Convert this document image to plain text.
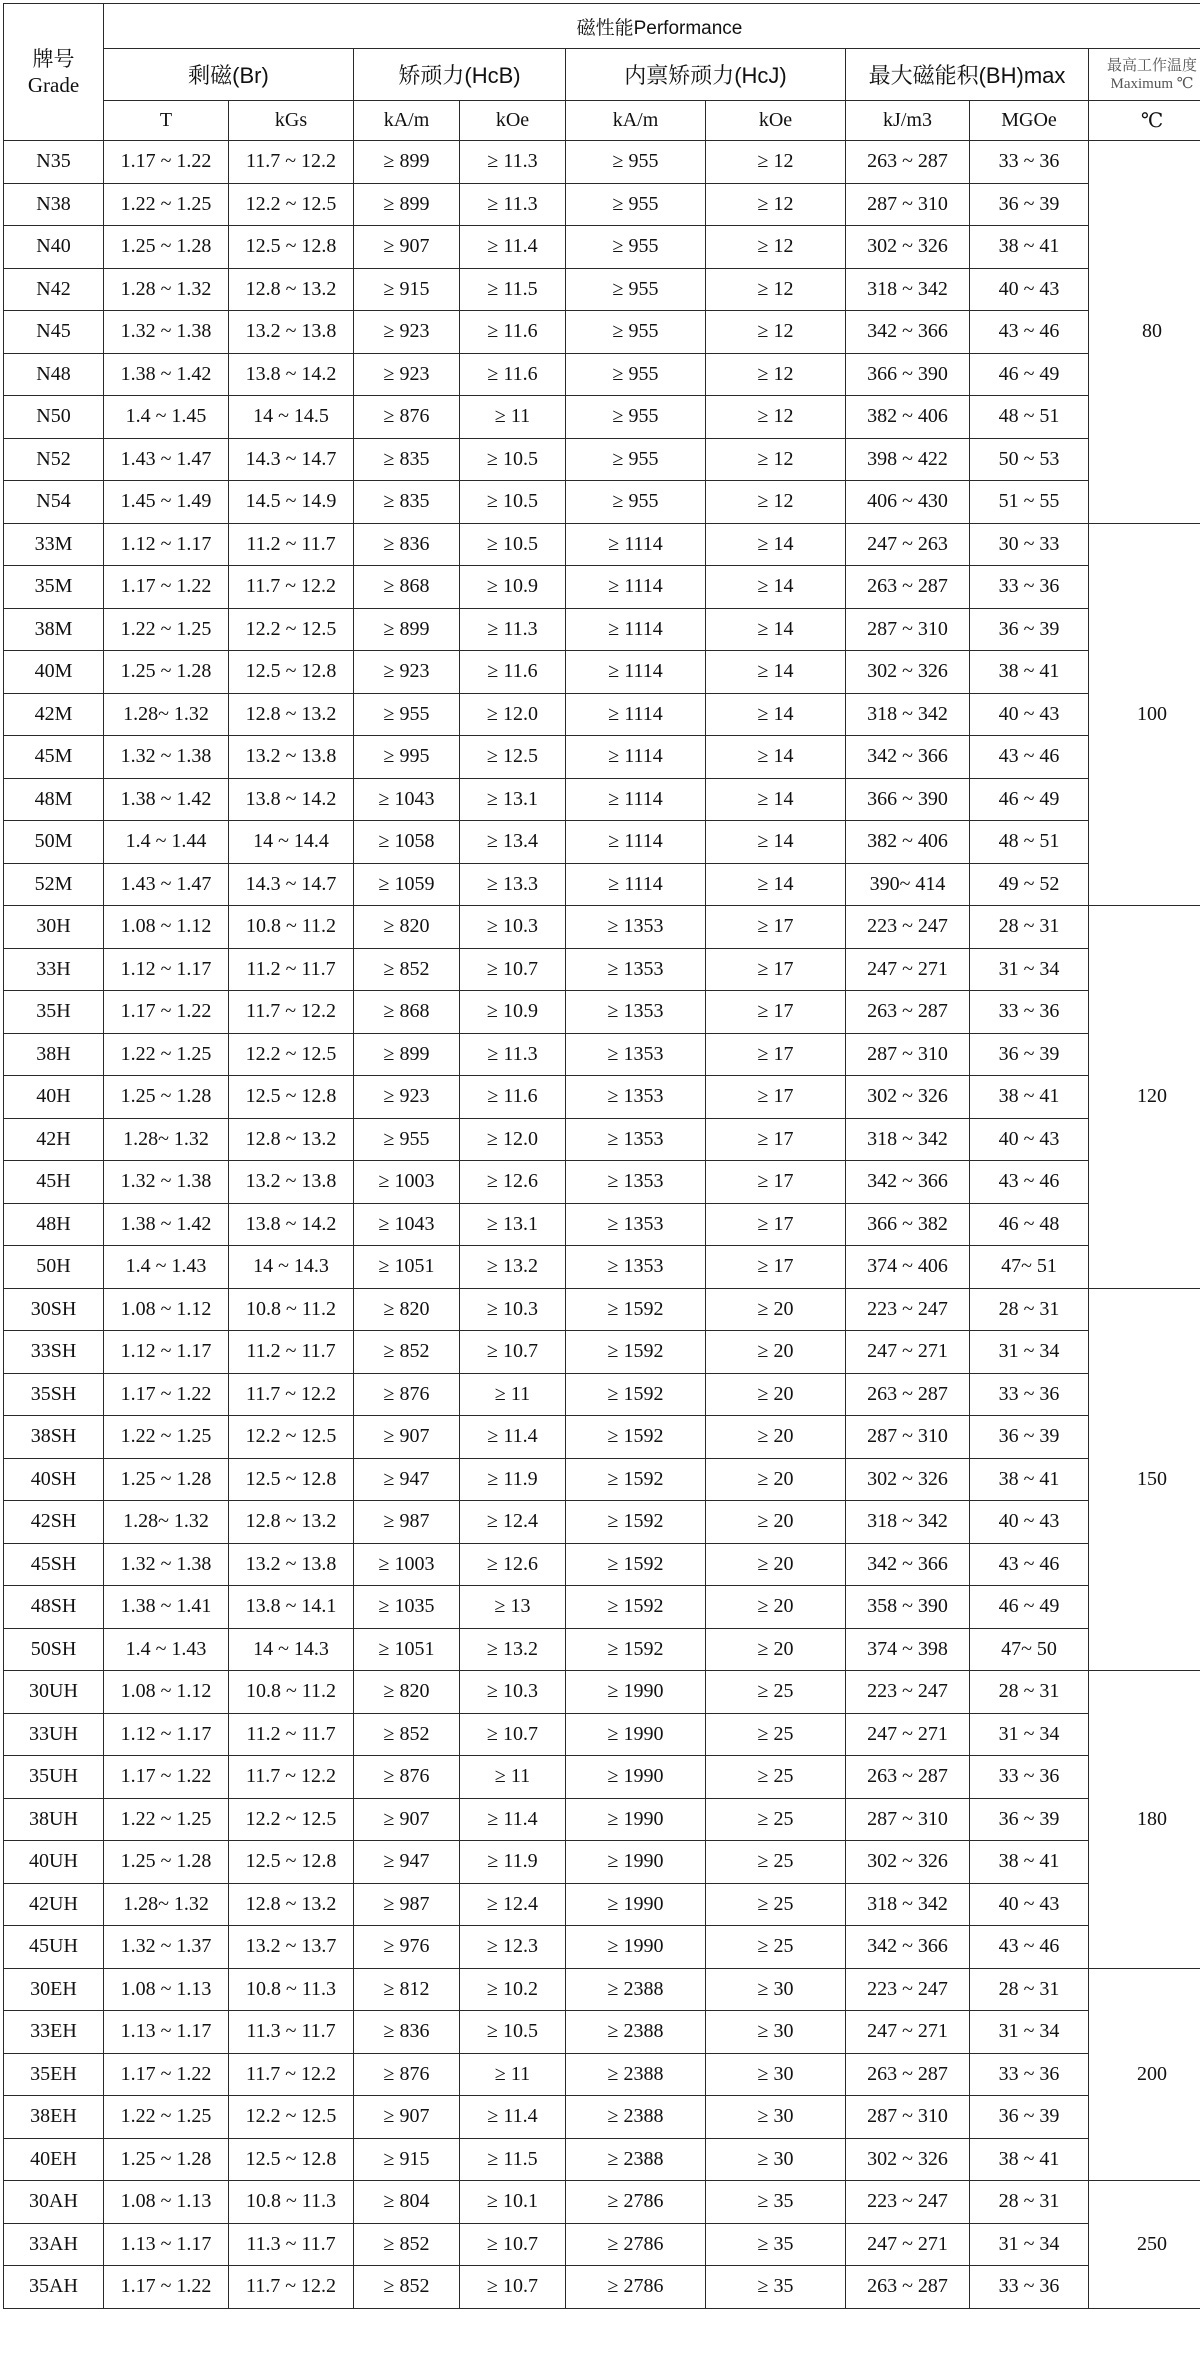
牌号
Grade	磁性能Performance								
	剩磁(Br)		矫顽力(HcB)		内禀矫顽力(HcJ)		最大磁能积(BH)max		最高工作温度
Maximum ℃

	T	kGs	kA/m	kOe	kA/m	kOe	kJ/m3	MGOe	℃
N35	1.17 ~ 1.22	11.7 ~ 12.2	≥ 899	≥ 11.3	≥ 955	≥ 12	263 ~ 287	33 ~ 36	80
N38	1.22 ~ 1.25	12.2 ~ 12.5	≥ 899	≥ 11.3	≥ 955	≥ 12	287 ~ 310	36 ~ 39	
N40	1.25 ~ 1.28	12.5 ~ 12.8	≥ 907	≥ 11.4	≥ 955	≥ 12	302 ~ 326	38 ~ 41	
N42	1.28 ~ 1.32	12.8 ~ 13.2	≥ 915	≥ 11.5	≥ 955	≥ 12	318 ~ 342	40 ~ 43	
N45	1.32 ~ 1.38	13.2 ~ 13.8	≥ 923	≥ 11.6	≥ 955	≥ 12	342 ~ 366	43 ~ 46	
N48	1.38 ~ 1.42	13.8 ~ 14.2	≥ 923	≥ 11.6	≥ 955	≥ 12	366 ~ 390	46 ~ 49	
N50	1.4 ~ 1.45	14 ~ 14.5	≥ 876	≥ 11	≥ 955	≥ 12	382 ~ 406	48 ~ 51	
N52	1.43 ~ 1.47	14.3 ~ 14.7	≥ 835	≥ 10.5	≥ 955	≥ 12	398 ~ 422	50 ~ 53	
N54	1.45 ~ 1.49	14.5 ~ 14.9	≥ 835	≥ 10.5	≥ 955	≥ 12	406 ~ 430	51 ~ 55	
33M	1.12 ~ 1.17	11.2 ~ 11.7	≥ 836	≥ 10.5	≥ 1114	≥ 14	247 ~ 263	30 ~ 33	100
35M	1.17 ~ 1.22	11.7 ~ 12.2	≥ 868	≥ 10.9	≥ 1114	≥ 14	263 ~ 287	33 ~ 36	
38M	1.22 ~ 1.25	12.2 ~ 12.5	≥ 899	≥ 11.3	≥ 1114	≥ 14	287 ~ 310	36 ~ 39	
40M	1.25 ~ 1.28	12.5 ~ 12.8	≥ 923	≥ 11.6	≥ 1114	≥ 14	302 ~ 326	38 ~ 41	
42M	1.28~ 1.32	12.8 ~ 13.2	≥ 955	≥ 12.0	≥ 1114	≥ 14	318 ~ 342	40 ~ 43	
45M	1.32 ~ 1.38	13.2 ~ 13.8	≥ 995	≥ 12.5	≥ 1114	≥ 14	342 ~ 366	43 ~ 46	
48M	1.38 ~ 1.42	13.8 ~ 14.2	≥ 1043	≥ 13.1	≥ 1114	≥ 14	366 ~ 390	46 ~ 49	
50M	1.4 ~ 1.44	14 ~ 14.4	≥ 1058	≥ 13.4	≥ 1114	≥ 14	382 ~ 406	48 ~ 51	
52M	1.43 ~ 1.47	14.3 ~ 14.7	≥ 1059	≥ 13.3	≥ 1114	≥ 14	390~ 414	49 ~ 52	
30H	1.08 ~ 1.12	10.8 ~ 11.2	≥ 820	≥ 10.3	≥ 1353	≥ 17	223 ~ 247	28 ~ 31	120
33H	1.12 ~ 1.17	11.2 ~ 11.7	≥ 852	≥ 10.7	≥ 1353	≥ 17	247 ~ 271	31 ~ 34	
35H	1.17 ~ 1.22	11.7 ~ 12.2	≥ 868	≥ 10.9	≥ 1353	≥ 17	263 ~ 287	33 ~ 36	
38H	1.22 ~ 1.25	12.2 ~ 12.5	≥ 899	≥ 11.3	≥ 1353	≥ 17	287 ~ 310	36 ~ 39	
40H	1.25 ~ 1.28	12.5 ~ 12.8	≥ 923	≥ 11.6	≥ 1353	≥ 17	302 ~ 326	38 ~ 41	
42H	1.28~ 1.32	12.8 ~ 13.2	≥ 955	≥ 12.0	≥ 1353	≥ 17	318 ~ 342	40 ~ 43	
45H	1.32 ~ 1.38	13.2 ~ 13.8	≥ 1003	≥ 12.6	≥ 1353	≥ 17	342 ~ 366	43 ~ 46	
48H	1.38 ~ 1.42	13.8 ~ 14.2	≥ 1043	≥ 13.1	≥ 1353	≥ 17	366 ~ 382	46 ~ 48	
50H	1.4 ~ 1.43	14 ~ 14.3	≥ 1051	≥ 13.2	≥ 1353	≥ 17	374 ~ 406	47~ 51	
30SH	1.08 ~ 1.12	10.8 ~ 11.2	≥ 820	≥ 10.3	≥ 1592	≥ 20	223 ~ 247	28 ~ 31	150
33SH	1.12 ~ 1.17	11.2 ~ 11.7	≥ 852	≥ 10.7	≥ 1592	≥ 20	247 ~ 271	31 ~ 34	
35SH	1.17 ~ 1.22	11.7 ~ 12.2	≥ 876	≥ 11	≥ 1592	≥ 20	263 ~ 287	33 ~ 36	
38SH	1.22 ~ 1.25	12.2 ~ 12.5	≥ 907	≥ 11.4	≥ 1592	≥ 20	287 ~ 310	36 ~ 39	
40SH	1.25 ~ 1.28	12.5 ~ 12.8	≥ 947	≥ 11.9	≥ 1592	≥ 20	302 ~ 326	38 ~ 41	
42SH	1.28~ 1.32	12.8 ~ 13.2	≥ 987	≥ 12.4	≥ 1592	≥ 20	318 ~ 342	40 ~ 43	
45SH	1.32 ~ 1.38	13.2 ~ 13.8	≥ 1003	≥ 12.6	≥ 1592	≥ 20	342 ~ 366	43 ~ 46	
48SH	1.38 ~ 1.41	13.8 ~ 14.1	≥ 1035	≥ 13	≥ 1592	≥ 20	358 ~ 390	46 ~ 49	
50SH	1.4 ~ 1.43	14 ~ 14.3	≥ 1051	≥ 13.2	≥ 1592	≥ 20	374 ~ 398	47~ 50	
30UH	1.08 ~ 1.12	10.8 ~ 11.2	≥ 820	≥ 10.3	≥ 1990	≥ 25	223 ~ 247	28 ~ 31	180
33UH	1.12 ~ 1.17	11.2 ~ 11.7	≥ 852	≥ 10.7	≥ 1990	≥ 25	247 ~ 271	31 ~ 34	
35UH	1.17 ~ 1.22	11.7 ~ 12.2	≥ 876	≥ 11	≥ 1990	≥ 25	263 ~ 287	33 ~ 36	
38UH	1.22 ~ 1.25	12.2 ~ 12.5	≥ 907	≥ 11.4	≥ 1990	≥ 25	287 ~ 310	36 ~ 39	
40UH	1.25 ~ 1.28	12.5 ~ 12.8	≥ 947	≥ 11.9	≥ 1990	≥ 25	302 ~ 326	38 ~ 41	
42UH	1.28~ 1.32	12.8 ~ 13.2	≥ 987	≥ 12.4	≥ 1990	≥ 25	318 ~ 342	40 ~ 43	
45UH	1.32 ~ 1.37	13.2 ~ 13.7	≥ 976	≥ 12.3	≥ 1990	≥ 25	342 ~ 366	43 ~ 46	
30EH	1.08 ~ 1.13	10.8 ~ 11.3	≥ 812	≥ 10.2	≥ 2388	≥ 30	223 ~ 247	28 ~ 31	200
33EH	1.13 ~ 1.17	11.3 ~ 11.7	≥ 836	≥ 10.5	≥ 2388	≥ 30	247 ~ 271	31 ~ 34	
35EH	1.17 ~ 1.22	11.7 ~ 12.2	≥ 876	≥ 11	≥ 2388	≥ 30	263 ~ 287	33 ~ 36	
38EH	1.22 ~ 1.25	12.2 ~ 12.5	≥ 907	≥ 11.4	≥ 2388	≥ 30	287 ~ 310	36 ~ 39	
40EH	1.25 ~ 1.28	12.5 ~ 12.8	≥ 915	≥ 11.5	≥ 2388	≥ 30	302 ~ 326	38 ~ 41	
30AH	1.08 ~ 1.13	10.8 ~ 11.3	≥ 804	≥ 10.1	≥ 2786	≥ 35	223 ~ 247	28 ~ 31	250
33AH	1.13 ~ 1.17	11.3 ~ 11.7	≥ 852	≥ 10.7	≥ 2786	≥ 35	247 ~ 271	31 ~ 34	
35AH	1.17 ~ 1.22	11.7 ~ 12.2	≥ 852	≥ 10.7	≥ 2786	≥ 35	263 ~ 287	33 ~ 36	
